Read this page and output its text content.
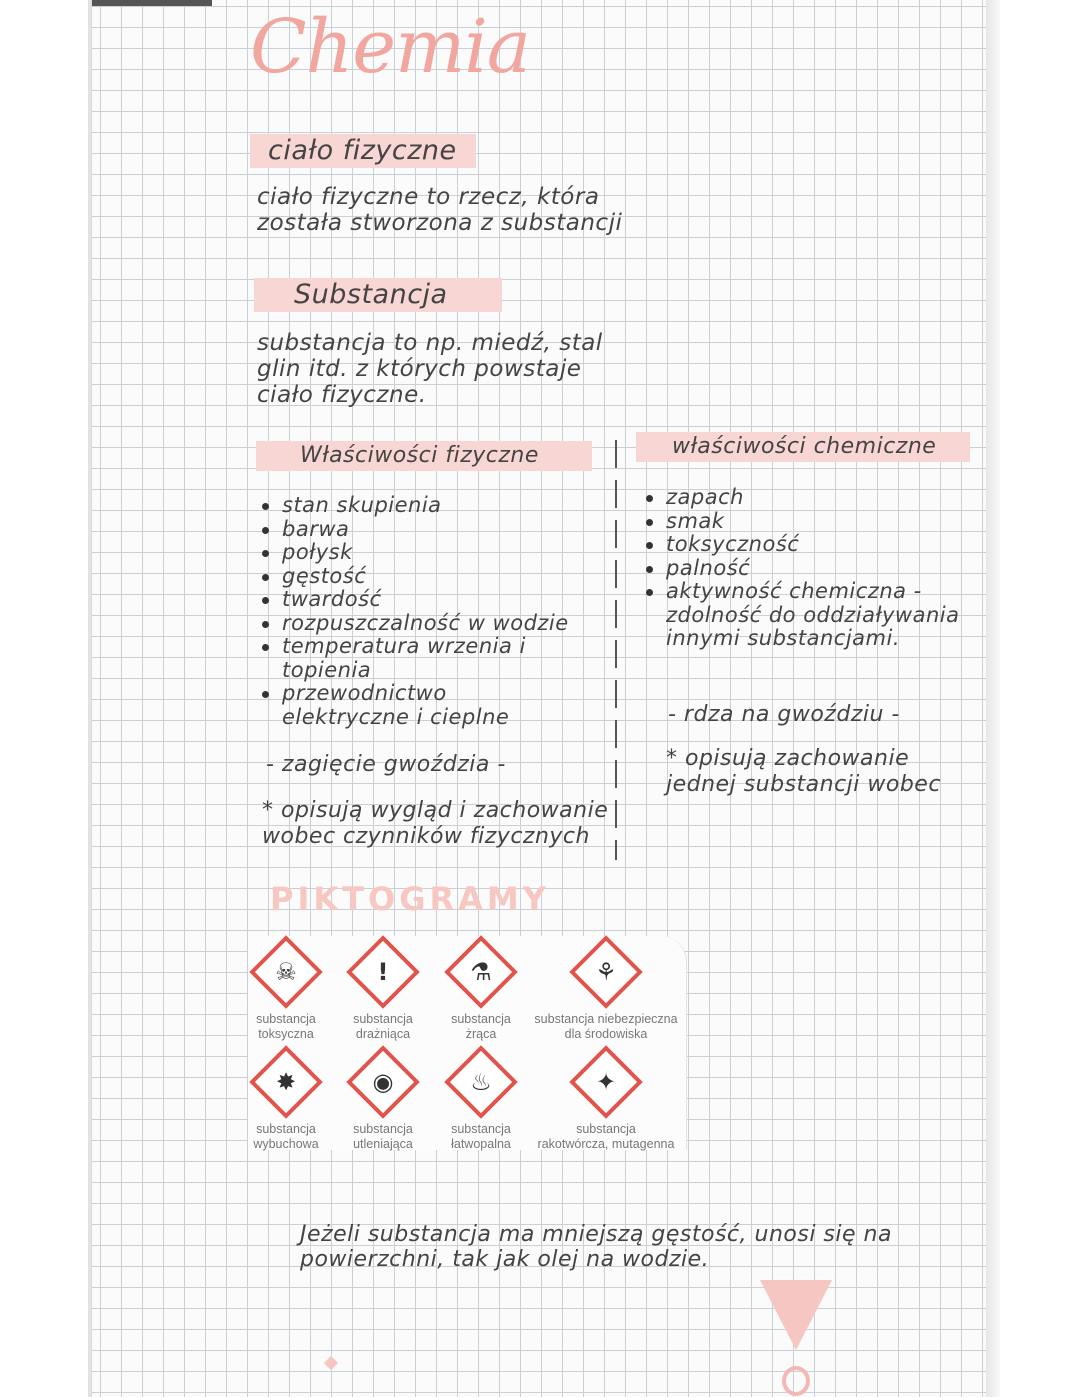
Chemia
ciało fizyczne
ciało fizyczne to rzecz, która
została stworzona z substancji
Substancja
substancja to np. miedź, stal
glin itd. z których powstaje
ciało fizyczne.
Właściwości fizyczne	właściwości chemiczne
stan skupienia
barwa
połysk
gęstość
twardość
rozpuszczalność w wodzie
temperatura wrzenia i topienia
przewodnictwo elektryczne i cieplne
- zagięcie gwoździa -
* opisują wygląd i zachowanie wobec czynników fizycznych
zapach
smak
toksyczność
palność
aktywność chemiczna - zdolność do oddziaływania innymi substancjami.
- rdza na gwoździu -
* opisują zachowanie jednej substancji wobec
PIKTOGRAMY
☠
substancja
toksyczna
!
substancja
drażniąca
⚗
substancja
żrąca
⚘
substancja niebezpieczna
dla środowiska
✸
substancja
wybuchowa
◉
substancja
utleniająca
♨
substancja
łatwopalna
✦
substancja
rakotwórcza, mutagenna
Jeżeli substancja ma mniejszą gęstość, unosi się na
powierzchni, tak jak olej na wodzie.
